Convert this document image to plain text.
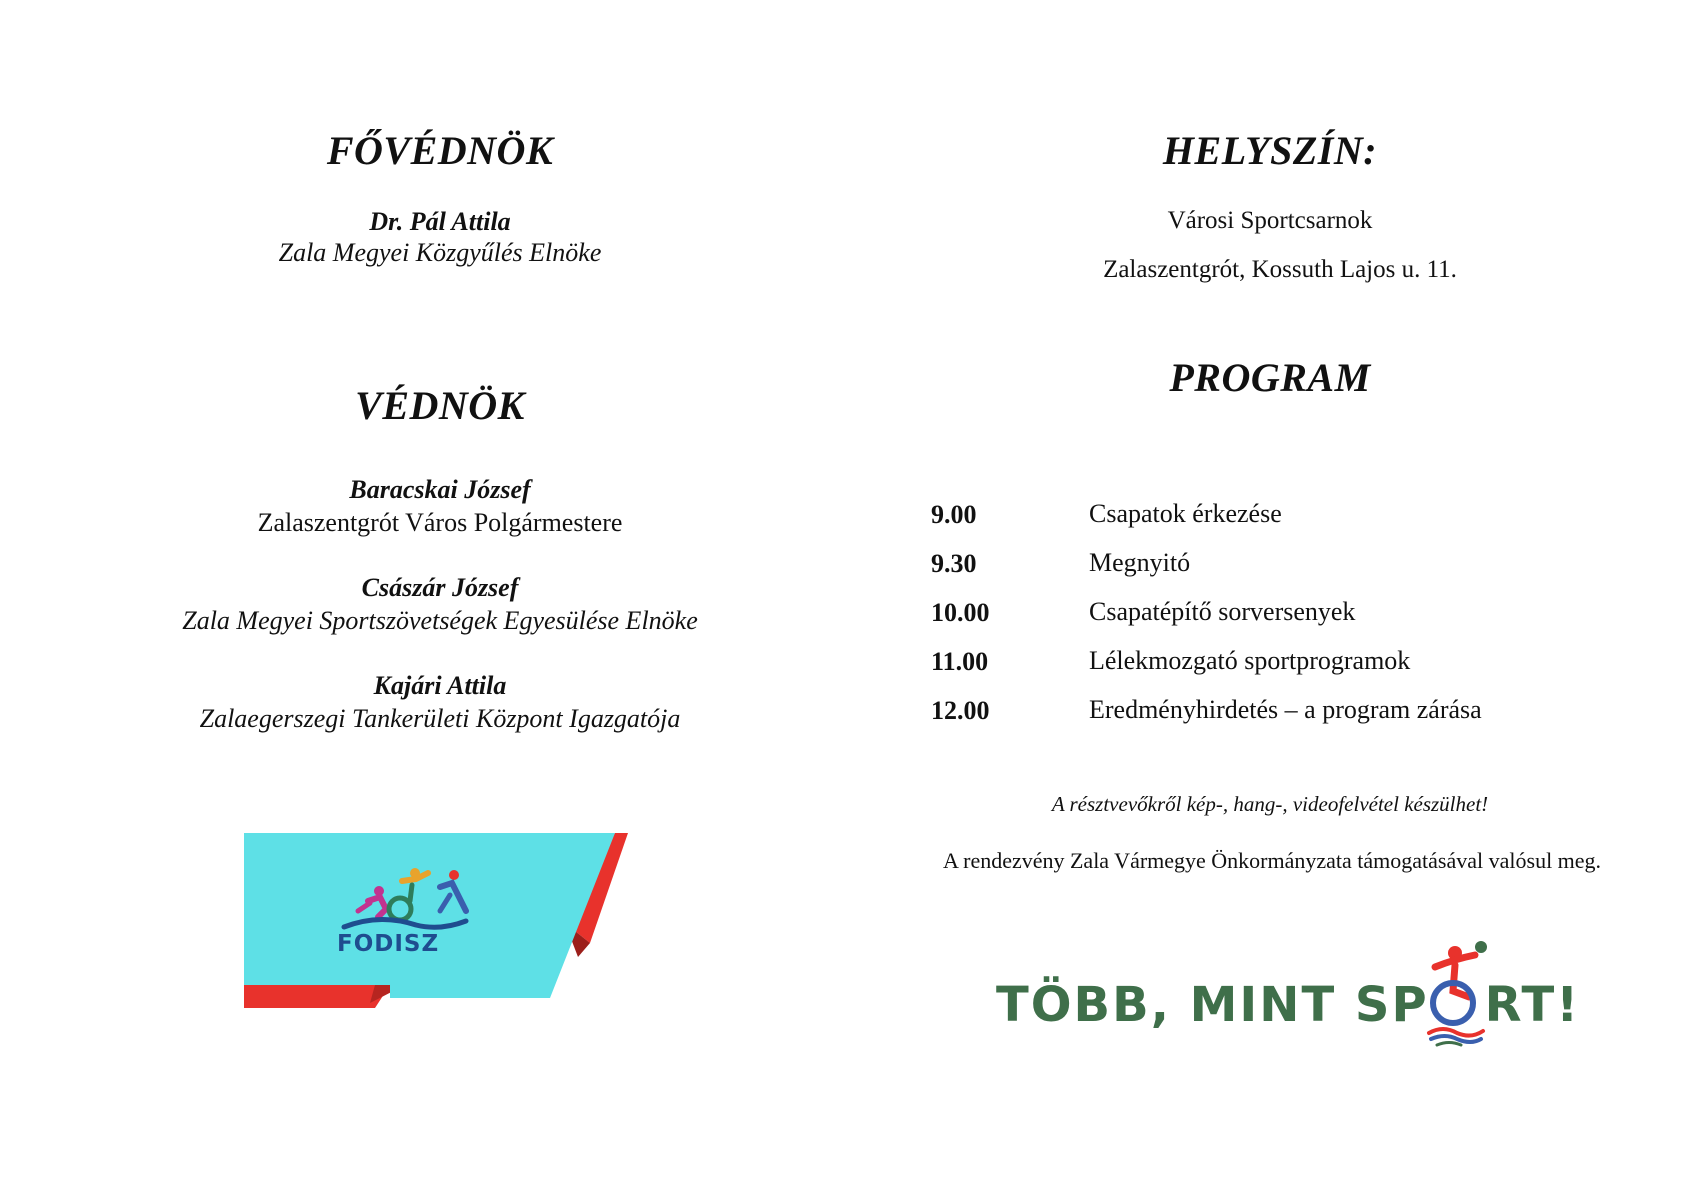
FŐVÉDNÖK
Dr. Pál Attila
Zala Megyei Közgyűlés Elnöke
VÉDNÖK
Baracskai József
Zalaszentgrót Város Polgármestere
Császár József
Zala Megyei Sportszövetségek Egyesülése Elnöke
Kajári Attila
Zalaegerszegi Tankerületi Központ Igazgatója
FODISZ
HELYSZÍN:
Városi Sportcsarnok
Zalaszentgrót, Kossuth Lajos u. 11.
PROGRAM
9.00	Csapatok érkezése
9.30	Megnyitó
10.00	Csapatépítő sorversenyek
11.00	Lélekmozgató sportprogramok
12.00	Eredményhirdetés – a program zárása
A résztvevőkről kép-, hang-, videofelvétel készülhet!
A rendezvény Zala Vármegye Önkormányzata támogatásával valósul meg.
TÖBB, MINT SP RT!
